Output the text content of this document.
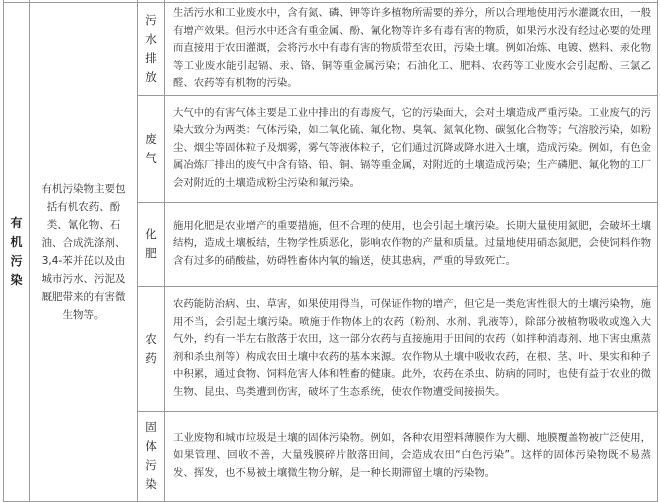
有
机
污
染	有机污染物主要包括有机农药、酚类、氰化物、石油、合成洗涤剂、3,4-苯并芘以及由城市污水、污泥及厩肥带来的有害微生物等。	污
水
排
放	生活污水和工业废水中，含有氮、磷、钾等许多植物所需要的养分，所以合理地使用污水灌溉农田，一般有增产效果。但污水中还含有重金属、酚、氰化物等许多有毒有害的物质，如果污水没有经过必要的处理而直接用于农田灌溉，会将污水中有毒有害的物质带至农田，污染土壤。例如冶炼、电镀、燃料、汞化物等工业废水能引起镉、汞、铬、铜等重金属污染；石油化工、肥料、农药等工业废水会引起酚、三氯乙醛、农药等有机物的污染。

		废
气	大气中的有害气体主要是工业中排出的有毒废气，它的污染面大，会对土壤造成严重污染。工业废气的污染大致分为两类：气体污染，如二氧化硫、氟化物、臭氧、氮氧化物、碳氢化合物等；气溶胶污染，如粉尘、烟尘等固体粒子及烟雾，雾气等液体粒子，它们通过沉降或降水进入土壤，造成污染。例如，有色金属冶炼厂排出的废气中含有铬、铅、铜、镉等重金属，对附近的土壤造成污染；生产磷肥、氟化物的工厂会对附近的土壤造成粉尘污染和氟污染。

		化
肥	施用化肥是农业增产的重要措施，但不合理的使用，也会引起土壤污染。长期大量使用氮肥，会破坏土壤结构，造成土壤板结，生物学性质恶化，影响农作物的产量和质量。过量地使用硝态氮肥，会使饲料作物含有过多的硝酸盐，妨碍牲畜体内氧的输送，使其患病，严重的导致死亡。

		农
药	农药能防治病、虫、草害，如果使用得当，可保证作物的增产，但它是一类危害性很大的土壤污染物，施用不当，会引起土壤污染。喷施于作物体上的农药（粉剂、水剂、乳液等），除部分被植物吸收或逸入大气外，约有一半左右散落于农田，这一部分农药与直接施用于田间的农药（如拌种消毒剂、地下害虫熏蒸剂和杀虫剂等）构成农田土壤中农药的基本来源。农作物从土壤中吸收农药，在根、茎、叶、果实和种子中积累，通过食物、饲料危害人体和牲畜的健康。此外，农药在杀虫、防病的同时，也使有益于农业的微生物、昆虫、鸟类遭到伤害，破坏了生态系统，使农作物遭受间接损失。

		固
体
污
染	工业废物和城市垃圾是土壤的固体污染物。例如，各种农用塑料薄膜作为大棚、地膜覆盖物被广泛使用，如果管理、回收不善，大量残膜碎片散落田间，会造成农田“白色污染”。这样的固体污染物既不易蒸发、挥发，也不易被土壤微生物分解，是一种长期滞留土壤的污染物。
